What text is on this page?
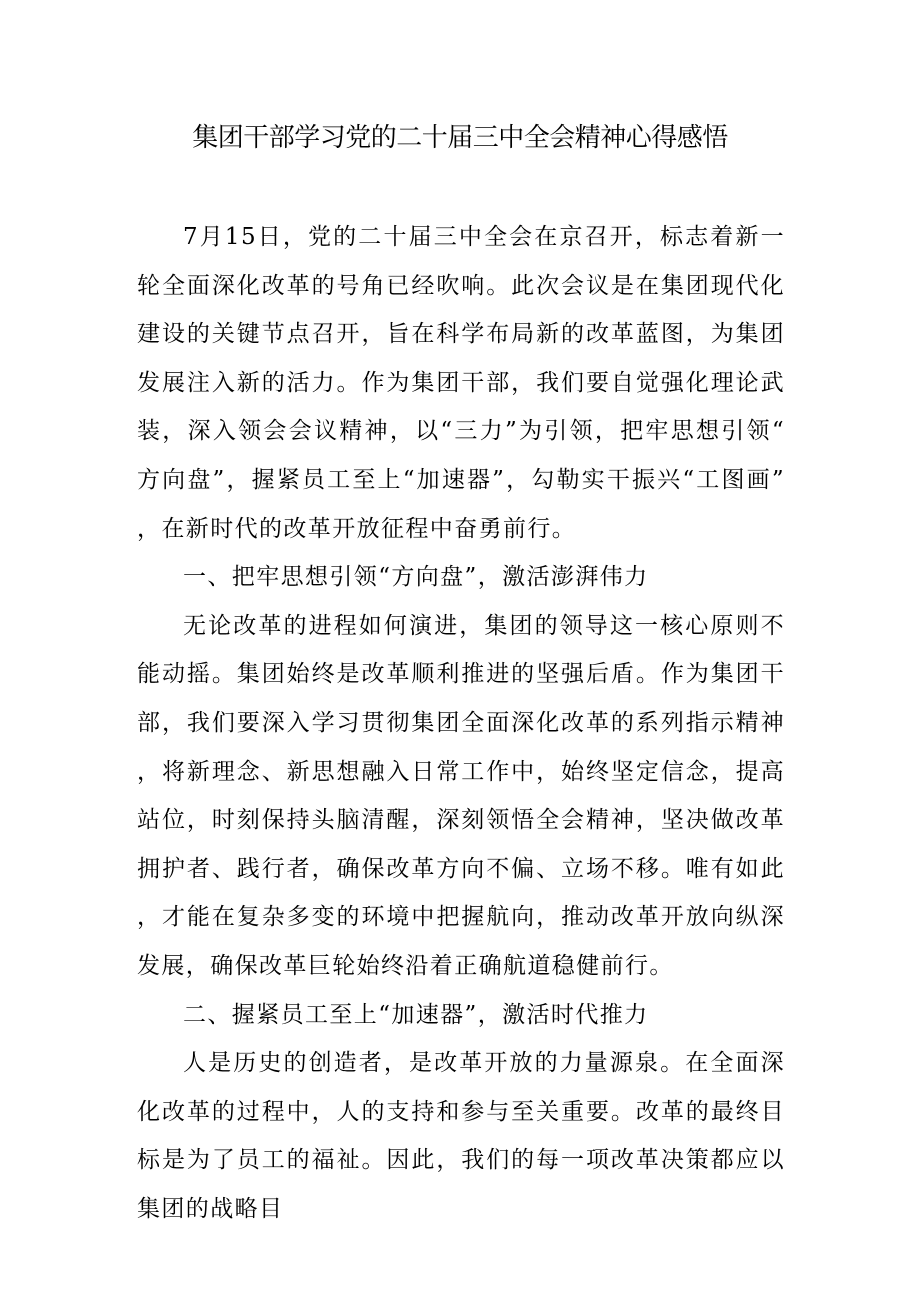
集团干部学习党的二十届三中全会精神心得感悟

7月15日，党的二十届三中全会在京召开，标志着新一轮全面深化改革的号角已经吹响。此次会议是在集团现代化建设的关键节点召开，旨在科学布局新的改革蓝图，为集团发展注入新的活力。作为集团干部，我们要自觉强化理论武装，深入领会会议精神，以“三力”为引领，把牢思想引领“方向盘”，握紧员工至上“加速器”，勾勒实干振兴“工图画”，在新时代的改革开放征程中奋勇前行。

一、把牢思想引领“方向盘”，激活澎湃伟力

无论改革的进程如何演进，集团的领导这一核心原则不能动摇。集团始终是改革顺利推进的坚强后盾。作为集团干部，我们要深入学习贯彻集团全面深化改革的系列指示精神，将新理念、新思想融入日常工作中，始终坚定信念，提高站位，时刻保持头脑清醒，深刻领悟全会精神，坚决做改革拥护者、践行者，确保改革方向不偏、立场不移。唯有如此，才能在复杂多变的环境中把握航向，推动改革开放向纵深发展，确保改革巨轮始终沿着正确航道稳健前行。

二、握紧员工至上“加速器”，激活时代推力

人是历史的创造者，是改革开放的力量源泉。在全面深化改革的过程中，人的支持和参与至关重要。改革的最终目标是为了员工的福祉。因此，我们的每一项改革决策都应以集团的战略目
